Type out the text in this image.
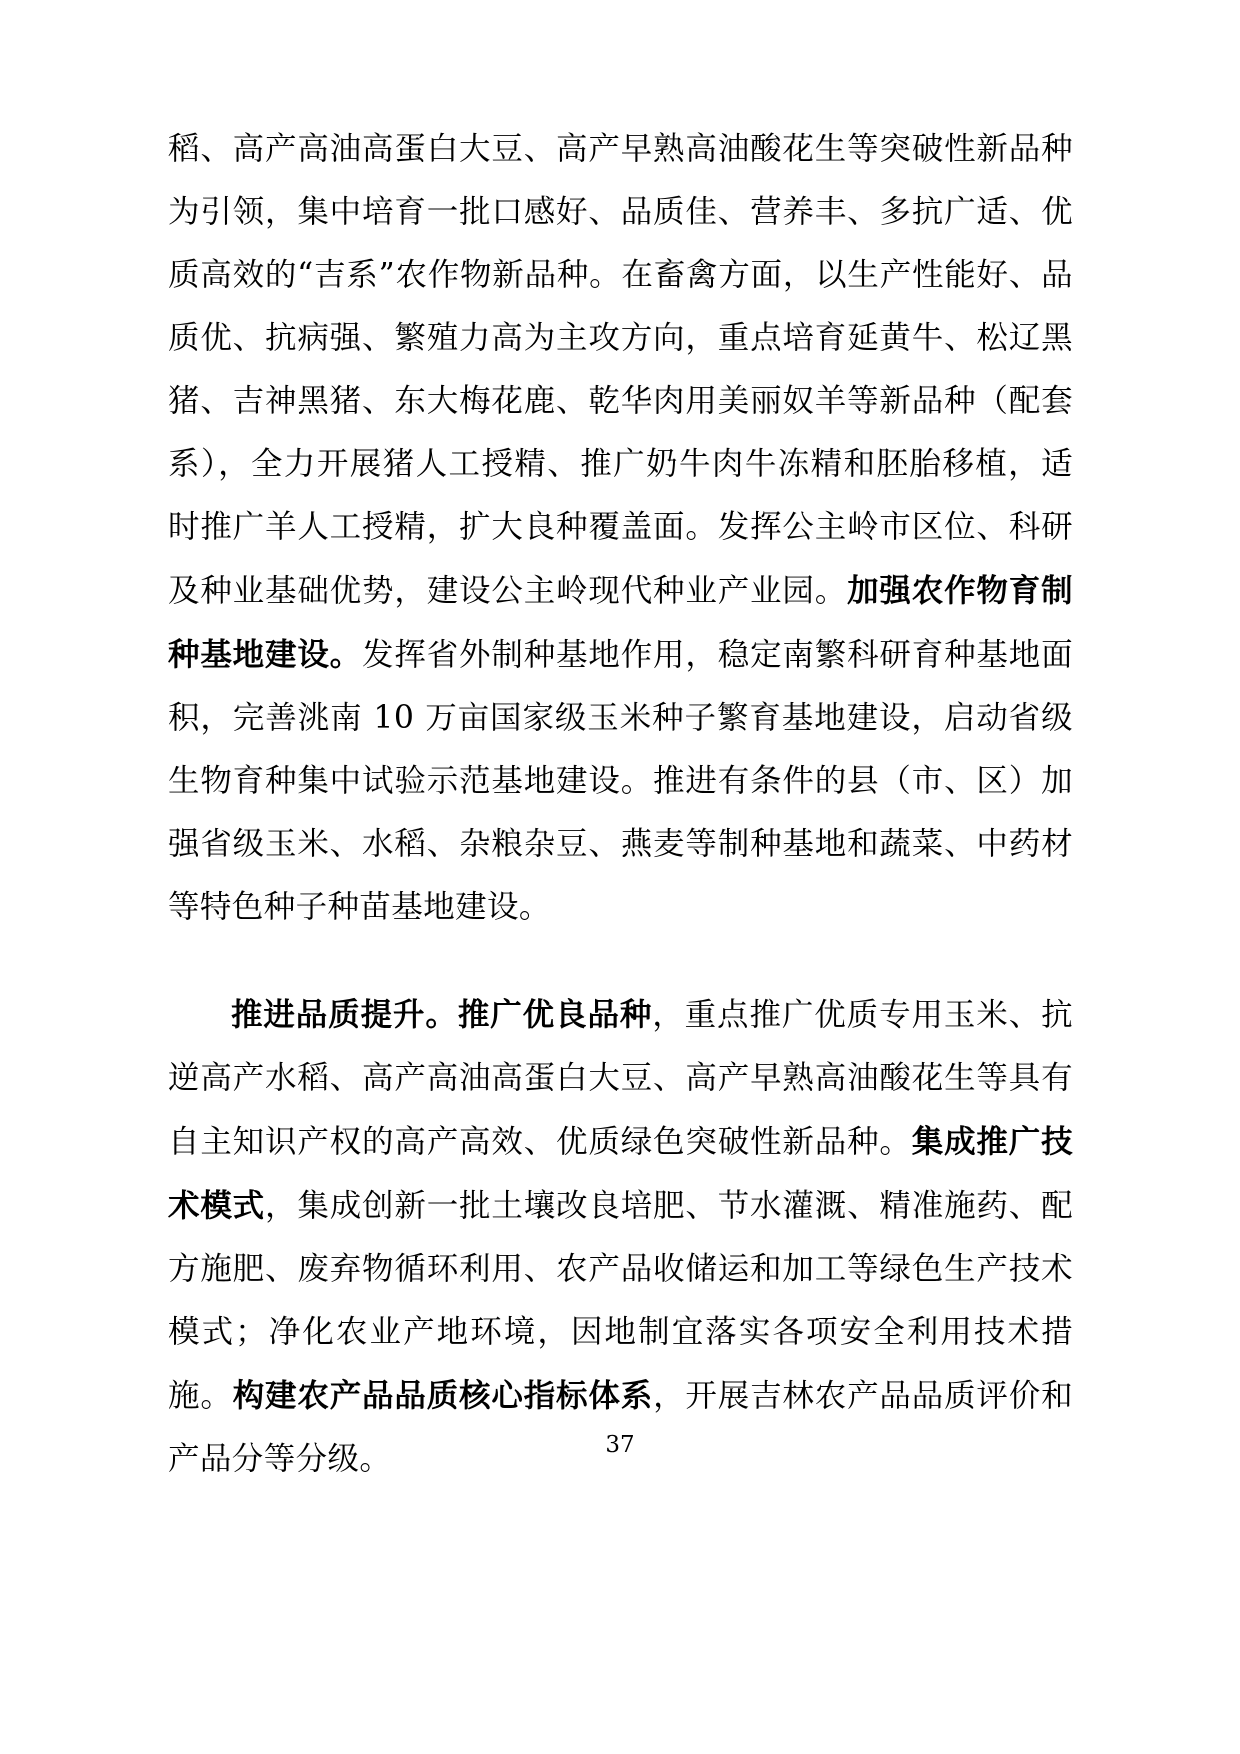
稻、高产高油高蛋白大豆、高产早熟高油酸花生等突破性新品种为引领，集中培育一批口感好、品质佳、营养丰、多抗广适、优质高效的“吉系”农作物新品种。在畜禽方面，以生产性能好、品质优、抗病强、繁殖力高为主攻方向，重点培育延黄牛、松辽黑猪、吉神黑猪、东大梅花鹿、乾华肉用美丽奴羊等新品种（配套系），全力开展猪人工授精、推广奶牛肉牛冻精和胚胎移植，适时推广羊人工授精，扩大良种覆盖面。发挥公主岭市区位、科研及种业基础优势，建设公主岭现代种业产业园。加强农作物育制种基地建设。发挥省外制种基地作用，稳定南繁科研育种基地面积，完善洮南 10 万亩国家级玉米种子繁育基地建设，启动省级生物育种集中试验示范基地建设。推进有条件的县（市、区）加强省级玉米、水稻、杂粮杂豆、燕麦等制种基地和蔬菜、中药材等特色种子种苗基地建设。

推进品质提升。推广优良品种，重点推广优质专用玉米、抗逆高产水稻、高产高油高蛋白大豆、高产早熟高油酸花生等具有自主知识产权的高产高效、优质绿色突破性新品种。集成推广技术模式，集成创新一批土壤改良培肥、节水灌溉、精准施药、配方施肥、废弃物循环利用、农产品收储运和加工等绿色生产技术模式；净化农业产地环境，因地制宜落实各项安全利用技术措施。构建农产品品质核心指标体系，开展吉林农产品品质评价和产品分等分级。	37
